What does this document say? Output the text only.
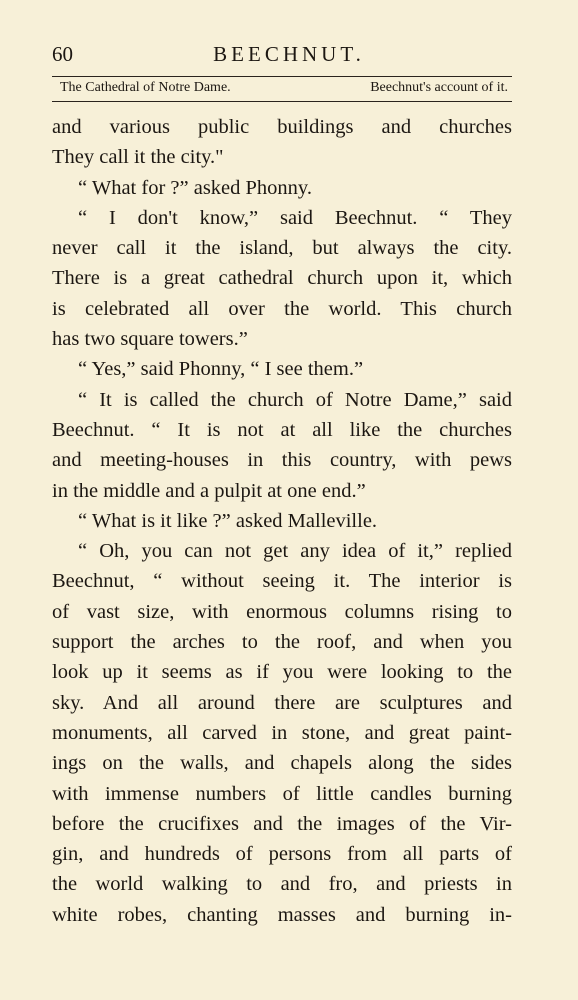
60	BEECHNUT.
The Cathedral of Notre Dame.	Beechnut's account of it.
and various public buildings and churches
They call it the city."
“ What for ?” asked Phonny.
“ I don't know,” said Beechnut. “ They
never call it the island, but always the city.
There is a great cathedral church upon it, which
is celebrated all over the world. This church
has two square towers.”
“ Yes,” said Phonny, “ I see them.”
“ It is called the church of Notre Dame,” said
Beechnut. “ It is not at all like the churches
and meeting-houses in this country, with pews
in the middle and a pulpit at one end.”
“ What is it like ?” asked Malleville.
“ Oh, you can not get any idea of it,” replied
Beechnut, “ without seeing it. The interior is
of vast size, with enormous columns rising to
support the arches to the roof, and when you
look up it seems as if you were looking to the
sky. And all around there are sculptures and
monuments, all carved in stone, and great paint-
ings on the walls, and chapels along the sides
with immense numbers of little candles burning
before the crucifixes and the images of the Vir-
gin, and hundreds of persons from all parts of
the world walking to and fro, and priests in
white robes, chanting masses and burning in-
